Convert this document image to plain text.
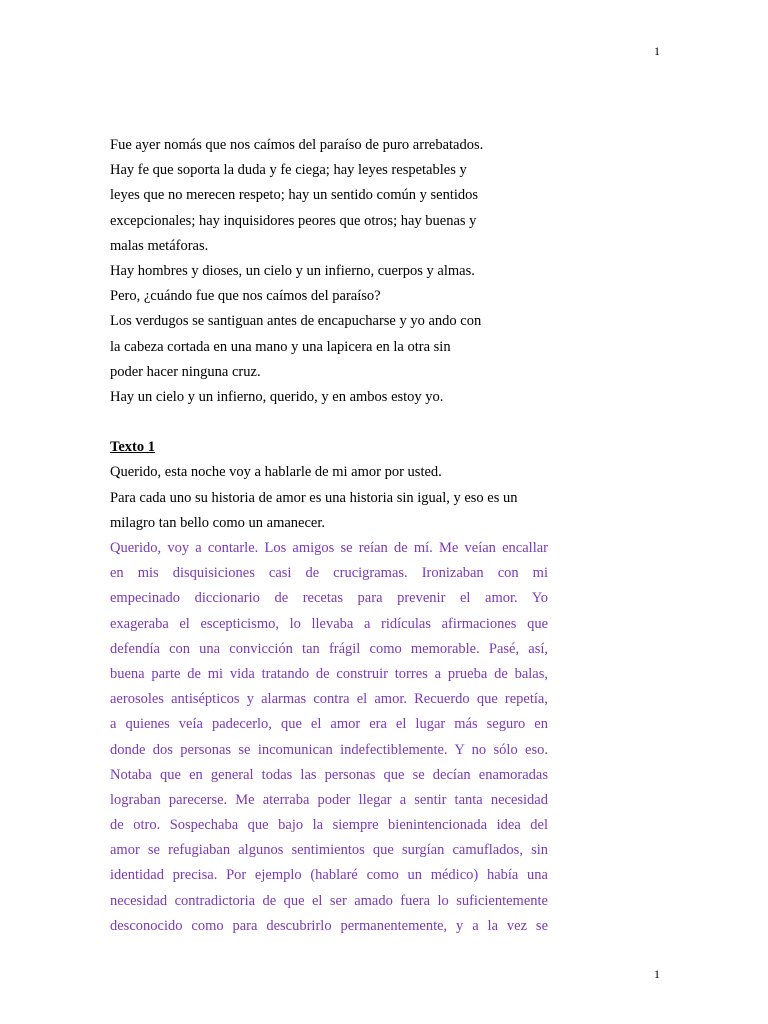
1
Fue ayer nomás que nos caímos del paraíso de puro arrebatados.
Hay fe que soporta la duda y fe ciega; hay leyes respetables y
leyes que no merecen respeto; hay un sentido común y sentidos
excepcionales; hay inquisidores peores que otros; hay buenas y
malas metáforas.
Hay hombres y dioses, un cielo y un infierno, cuerpos y almas.
Pero, ¿cuándo fue que nos caímos del paraíso?
Los verdugos se santiguan antes de encapucharse y yo ando con
la cabeza cortada en una mano y una lapicera en la otra sin
poder hacer ninguna cruz.
Hay un cielo y un infierno, querido, y en ambos estoy yo.
Texto 1
Querido, esta noche voy a hablarle de mi amor por usted.
Para cada uno su historia de amor es una historia sin igual, y eso es un
milagro tan bello como un amanecer.
Querido, voy a contarle. Los amigos se reían de mí. Me veían encallar
en mis disquisiciones casi de crucigramas. Ironizaban con mi
empecinado diccionario de recetas para prevenir el amor. Yo
exageraba el escepticismo, lo llevaba a ridículas afirmaciones que
defendía con una convicción tan frágil como memorable. Pasé, así,
buena parte de mi vida tratando de construir torres a prueba de balas,
aerosoles antisépticos y alarmas contra el amor. Recuerdo que repetía,
a quienes veía padecerlo, que el amor era el lugar más seguro en
donde dos personas se incomunican indefectiblemente. Y no sólo eso.
Notaba que en general todas las personas que se decían enamoradas
lograban parecerse. Me aterraba poder llegar a sentir tanta necesidad
de otro. Sospechaba que bajo la siempre bienintencionada idea del
amor se refugiaban algunos sentimientos que surgían camuflados, sin
identidad precisa. Por ejemplo (hablaré como un médico) había una
necesidad contradictoria de que el ser amado fuera lo suficientemente
desconocido como para descubrirlo permanentemente, y a la vez se
1
